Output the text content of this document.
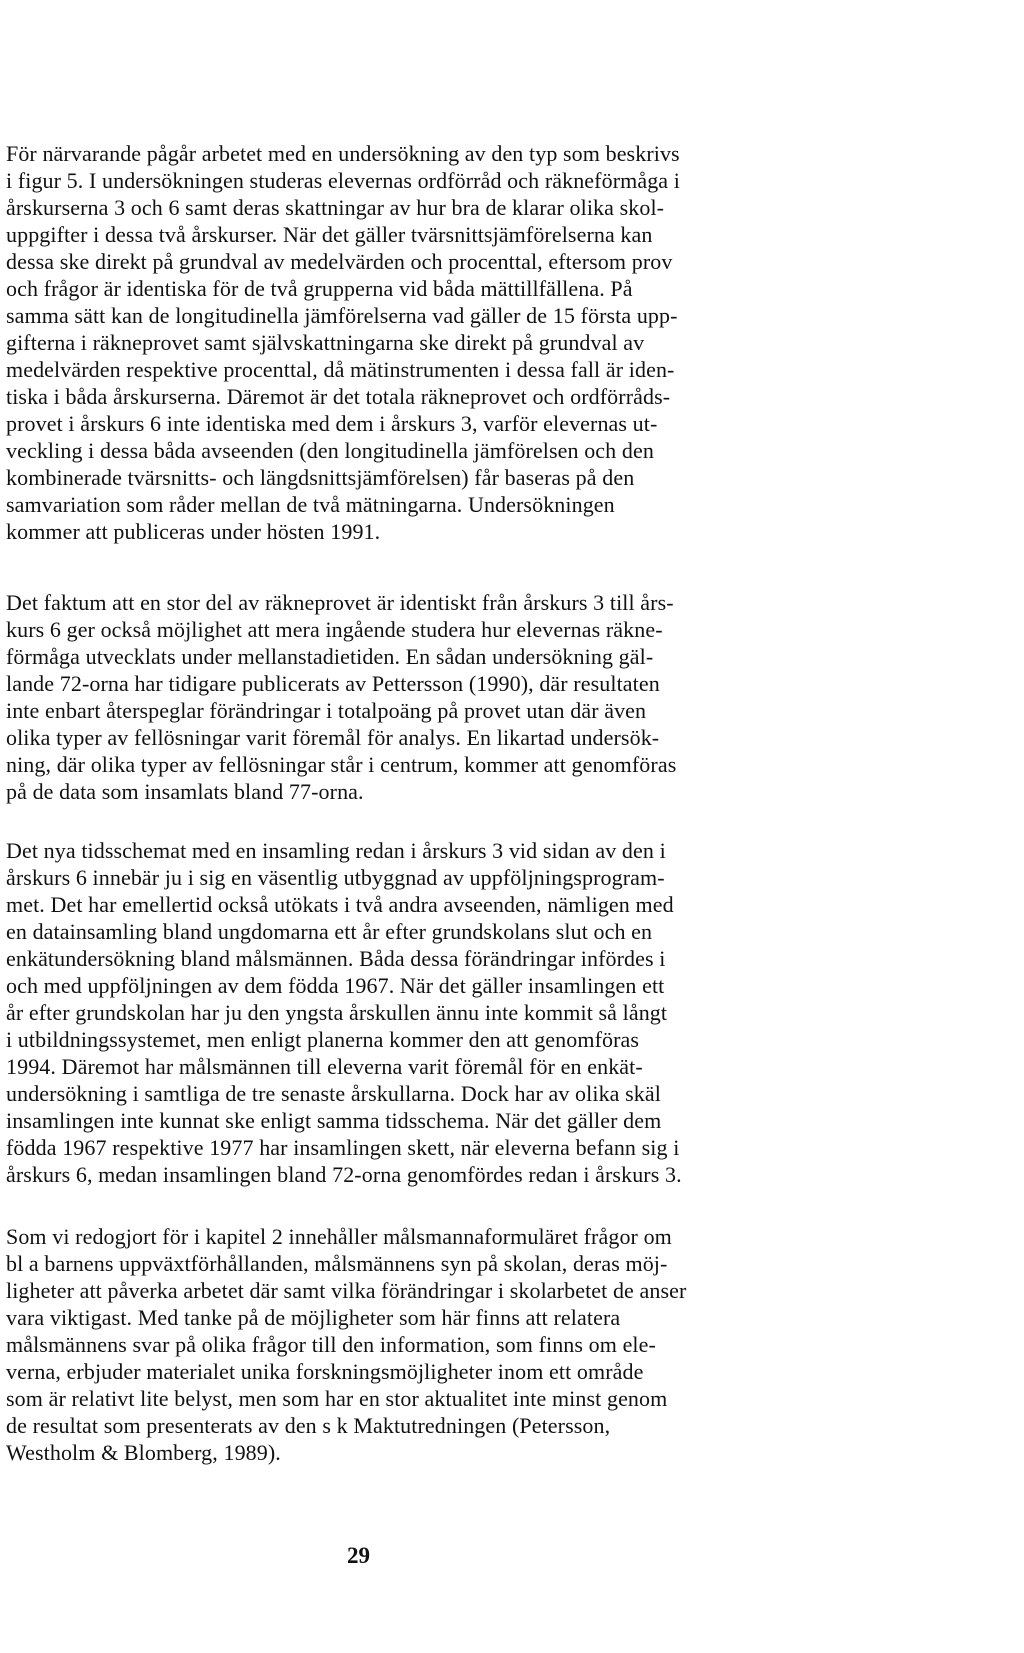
För närvarande pågår arbetet med en undersökning av den typ som beskrivs
i figur 5. I undersökningen studeras elevernas ordförråd och räkneförmåga i
årskurserna 3 och 6 samt deras skattningar av hur bra de klarar olika skol-
uppgifter i dessa två årskurser. När det gäller tvärsnittsjämförelserna kan
dessa ske direkt på grundval av medelvärden och procenttal, eftersom prov
och frågor är identiska för de två grupperna vid båda mättillfällena. På
samma sätt kan de longitudinella jämförelserna vad gäller de 15 första upp-
gifterna i räkneprovet samt självskattningarna ske direkt på grundval av
medelvärden respektive procenttal, då mätinstrumenten i dessa fall är iden-
tiska i båda årskurserna. Däremot är det totala räkneprovet och ordförråds-
provet i årskurs 6 inte identiska med dem i årskurs 3, varför elevernas ut-
veckling i dessa båda avseenden (den longitudinella jämförelsen och den
kombinerade tvärsnitts- och längdsnittsjämförelsen) får baseras på den
samvariation som råder mellan de två mätningarna. Undersökningen
kommer att publiceras under hösten 1991.
Det faktum att en stor del av räkneprovet är identiskt från årskurs 3 till års-
kurs 6 ger också möjlighet att mera ingående studera hur elevernas räkne-
förmåga utvecklats under mellanstadietiden. En sådan undersökning gäl-
lande 72-orna har tidigare publicerats av Pettersson (1990), där resultaten
inte enbart återspeglar förändringar i totalpoäng på provet utan där även
olika typer av fellösningar varit föremål för analys. En likartad undersök-
ning, där olika typer av fellösningar står i centrum, kommer att genomföras
på de data som insamlats bland 77-orna.
Det nya tidsschemat med en insamling redan i årskurs 3 vid sidan av den i
årskurs 6 innebär ju i sig en väsentlig utbyggnad av uppföljningsprogram-
met. Det har emellertid också utökats i två andra avseenden, nämligen med
en datainsamling bland ungdomarna ett år efter grundskolans slut och en
enkätundersökning bland målsmännen. Båda dessa förändringar infördes i
och med uppföljningen av dem födda 1967. När det gäller insamlingen ett
år efter grundskolan har ju den yngsta årskullen ännu inte kommit så långt
i utbildningssystemet, men enligt planerna kommer den att genomföras
1994. Däremot har målsmännen till eleverna varit föremål för en enkät-
undersökning i samtliga de tre senaste årskullarna. Dock har av olika skäl
insamlingen inte kunnat ske enligt samma tidsschema. När det gäller dem
födda 1967 respektive 1977 har insamlingen skett, när eleverna befann sig i
årskurs 6, medan insamlingen bland 72-orna genomfördes redan i årskurs 3.
Som vi redogjort för i kapitel 2 innehåller målsmannaformuläret frågor om
bl a barnens uppväxtförhållanden, målsmännens syn på skolan, deras möj-
ligheter att påverka arbetet där samt vilka förändringar i skolarbetet de anser
vara viktigast. Med tanke på de möjligheter som här finns att relatera
målsmännens svar på olika frågor till den information, som finns om ele-
verna, erbjuder materialet unika forskningsmöjligheter inom ett område
som är relativt lite belyst, men som har en stor aktualitet inte minst genom
de resultat som presenterats av den s k Maktutredningen (Petersson,
Westholm & Blomberg, 1989).
29
